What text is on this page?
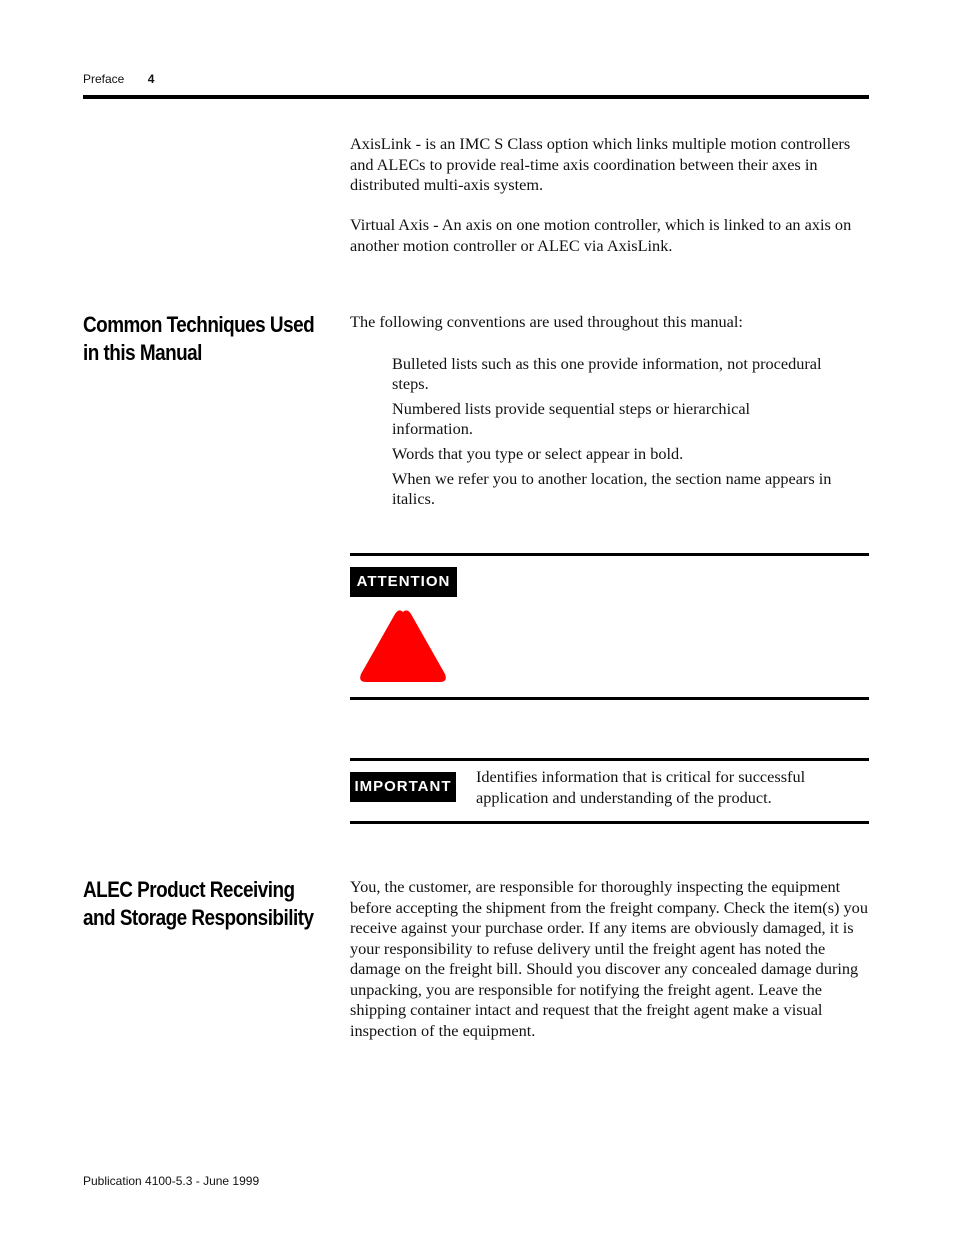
Preface 4

AxisLink - is an IMC S Class option which links multiple motion controllers and ALECs to provide real-time axis coordination between their axes in distributed multi-axis system.

Virtual Axis - An axis on one motion controller, which is linked to an axis on another motion controller or ALEC via AxisLink.

Common Techniques Used
in this Manual

The following conventions are used throughout this manual:

Bulleted lists such as this one provide information, not procedural steps.

Numbered lists provide sequential steps or hierarchical information.

Words that you type or select appear in bold.

When we refer you to another location, the section name appears in italics.

ATTENTION
IMPORTANT

Identifies information that is critical for successful application and understanding of the product.

ALEC Product Receiving
and Storage Responsibility

You, the customer, are responsible for thoroughly inspecting the equipment before accepting the shipment from the freight company. Check the item(s) you receive against your purchase order. If any items are obviously damaged, it is your responsibility to refuse delivery until the freight agent has noted the damage on the freight bill. Should you discover any concealed damage during unpacking, you are responsible for notifying the freight agent. Leave the shipping container intact and request that the freight agent make a visual inspection of the equipment.

Publication 4100-5.3 - June 1999
